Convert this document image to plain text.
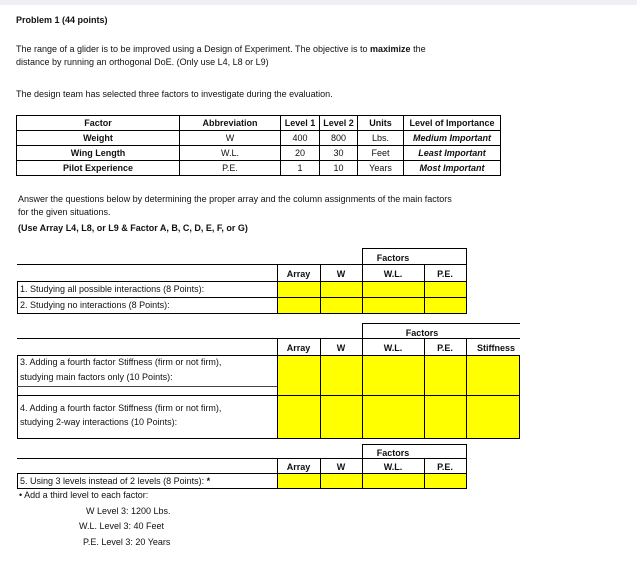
Problem 1 (44 points)
The range of a glider is to be improved using a Design of Experiment. The objective is to maximize the
distance by running an orthogonal DoE. (Only use L4, L8 or L9)
The design team has selected three factors to investigate during the evaluation.
Factor	Abbreviation	Level 1	Level 2	Units	Level of Importance
Weight	W	400	800	Lbs.	Medium Important
Wing Length	W.L.	20	30	Feet	Least Important
Pilot Experience	P.E.	1	10	Years	Most Important
Answer the questions below by determining the proper array and the column assignments of the main factors
for the given situations.
(Use Array L4, L8, or L9 & Factor A, B, C, D, E, F, or G)
Factors
Array	W	W.L.	P.E.
1. Studying all possible interactions (8 Points):
2. Studying no interactions (8 Points):
Factors
Array	W	W.L.	P.E.	Stiffness
3. Adding a fourth factor Stiffness (firm or not firm),
studying main factors only (10 Points):
4. Adding a fourth factor Stiffness (firm or not firm),
studying 2-way interactions (10 Points):
Factors
Array	W	W.L.	P.E.
5. Using 3 levels instead of 2 levels (8 Points): *
• Add a third level to each factor:
W Level 3: 1200 Lbs.
W.L. Level 3: 40 Feet
P.E. Level 3: 20 Years
